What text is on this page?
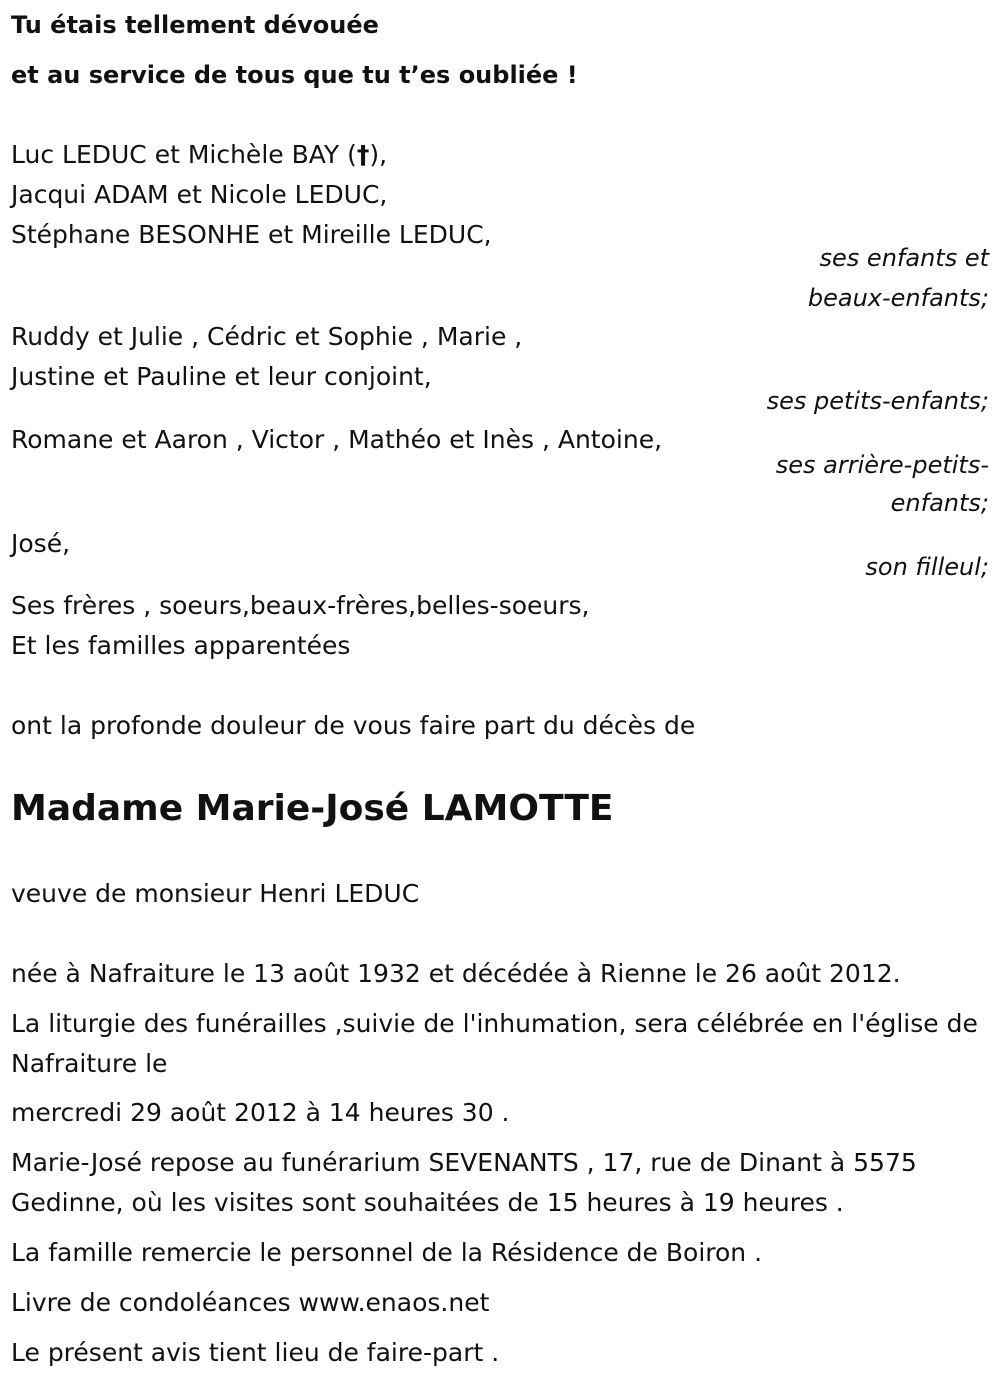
Tu étais tellement dévouée
et au service de tous que tu t’es oubliée !
Luc LEDUC et Michèle BAY (†),
Jacqui ADAM et Nicole LEDUC,
Stéphane BESONHE et Mireille LEDUC,
ses enfants et
beaux-enfants;
Ruddy et Julie , Cédric et Sophie , Marie ,
Justine et Pauline et leur conjoint,
ses petits-enfants;
Romane et Aaron , Victor , Mathéo et Inès , Antoine,
ses arrière-petits-
enfants;
José,
son filleul;
Ses frères , soeurs,beaux-frères,belles-soeurs,
Et les familles apparentées
ont la profonde douleur de vous faire part du décès de
Madame Marie-José LAMOTTE
veuve de monsieur Henri LEDUC
née à Nafraiture le 13 août 1932 et décédée à Rienne le 26 août 2012.
La liturgie des funérailles ,suivie de l'inhumation, sera célébrée en l'église de Nafraiture le
mercredi 29 août 2012 à 14 heures 30 .
Marie-José repose au funérarium SEVENANTS , 17, rue de Dinant à 5575 Gedinne, où les visites sont souhaitées de 15 heures à 19 heures .
La famille remercie le personnel de la Résidence de Boiron .
Livre de condoléances www.enaos.net
Le présent avis tient lieu de faire-part .
